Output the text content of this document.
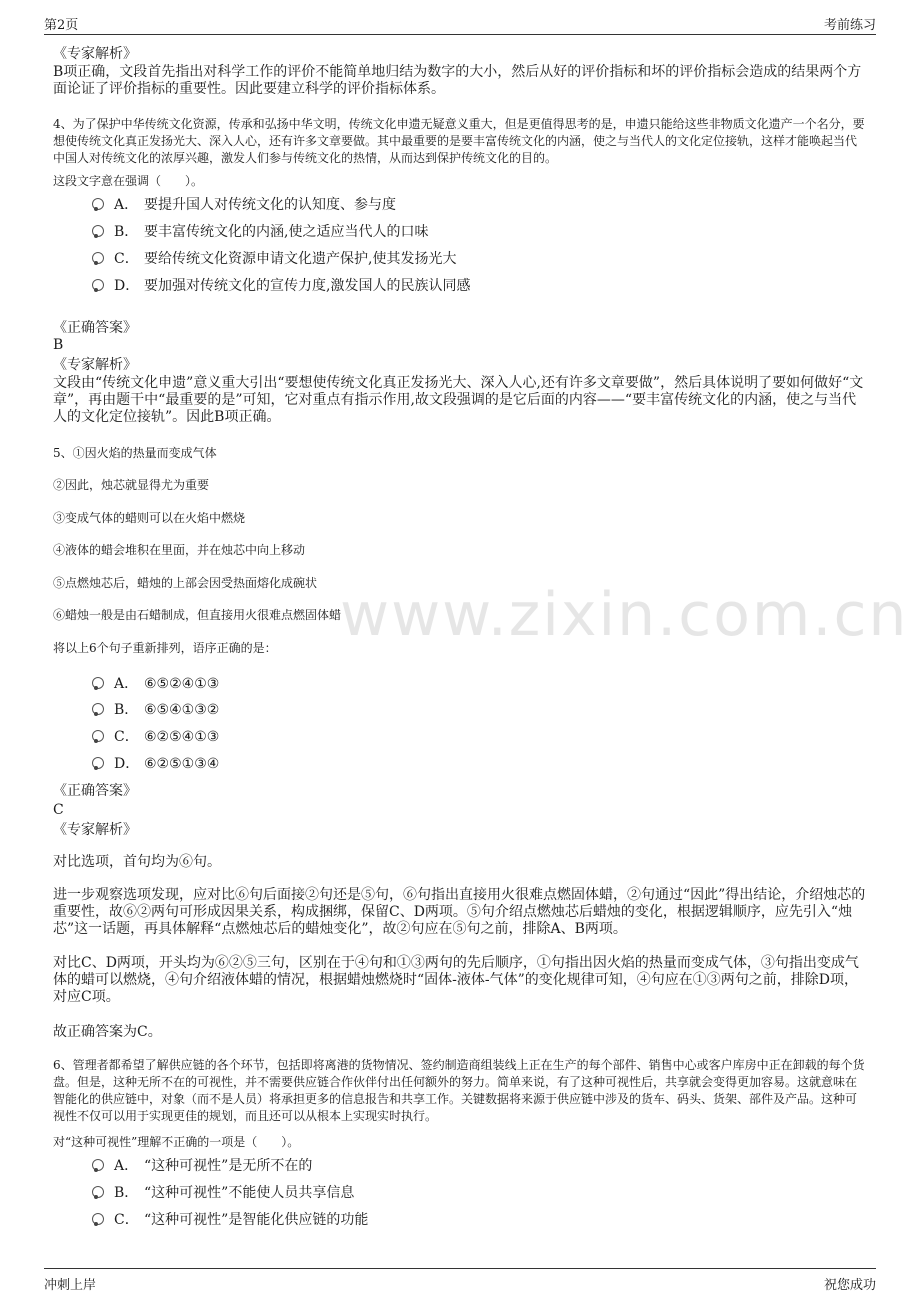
第2页	考前练习
www.zixin.com.cn
《专家解析》
B项正确，文段首先指出对科学工作的评价不能简单地归结为数字的大小，然后从好的评价指标和坏的评价指标会造成的结果两个方面论证了评价指标的重要性。因此要建立科学的评价指标体系。
4、为了保护中华传统文化资源，传承和弘扬中华文明，传统文化申遗无疑意义重大，但是更值得思考的是，申遗只能给这些非物质文化遗产一个名分，要想使传统文化真正发扬光大、深入人心，还有许多文章要做。其中最重要的是要丰富传统文化的内涵，使之与当代人的文化定位接轨，这样才能唤起当代中国人对传统文化的浓厚兴趣，激发人们参与传统文化的热情，从而达到保护传统文化的目的。
这段文字意在强调（　　）。
A． 要提升国人对传统文化的认知度、参与度
B． 要丰富传统文化的内涵,使之适应当代人的口味
C． 要给传统文化资源申请文化遗产保护,使其发扬光大
D． 要加强对传统文化的宣传力度,激发国人的民族认同感
《正确答案》
B
《专家解析》
文段由“传统文化申遗”意义重大引出“要想使传统文化真正发扬光大、深入人心,还有许多文章要做”，然后具体说明了要如何做好“文章”，再由题干中“最重要的是”可知，它对重点有指示作用,故文段强调的是它后面的内容——“要丰富传统文化的内涵，使之与当代人的文化定位接轨”。因此B项正确。
5、①因火焰的热量而变成气体
②因此，烛芯就显得尤为重要
③变成气体的蜡则可以在火焰中燃烧
④液体的蜡会堆积在里面，并在烛芯中向上移动
⑤点燃烛芯后，蜡烛的上部会因受热面熔化成碗状
⑥蜡烛一般是由石蜡制成，但直接用火很难点燃固体蜡
将以上6个句子重新排列，语序正确的是：
A． ⑥⑤②④①③
B． ⑥⑤④①③②
C． ⑥②⑤④①③
D． ⑥②⑤①③④
《正确答案》
C
《专家解析》
对比选项，首句均为⑥句。
进一步观察选项发现，应对比⑥句后面接②句还是⑤句，⑥句指出直接用火很难点燃固体蜡，②句通过“因此”得出结论，介绍烛芯的重要性，故⑥②两句可形成因果关系，构成捆绑，保留C、D两项。⑤句介绍点燃烛芯后蜡烛的变化，根据逻辑顺序，应先引入“烛芯”这一话题，再具体解释“点燃烛芯后的蜡烛变化”，故②句应在⑤句之前，排除A、B两项。
对比C、D两项，开头均为⑥②⑤三句，区别在于④句和①③两句的先后顺序，①句指出因火焰的热量而变成气体，③句指出变成气体的蜡可以燃烧，④句介绍液体蜡的情况，根据蜡烛燃烧时“固体-液体-气体”的变化规律可知，④句应在①③两句之前，排除D项，对应C项。
故正确答案为C。
6、管理者都希望了解供应链的各个环节，包括即将离港的货物情况、签约制造商组装线上正在生产的每个部件、销售中心或客户库房中正在卸载的每个货盘。但是，这种无所不在的可视性，并不需要供应链合作伙伴付出任何额外的努力。简单来说，有了这种可视性后，共享就会变得更加容易。这就意味在智能化的供应链中，对象（而不是人员）将承担更多的信息报告和共享工作。关键数据将来源于供应链中涉及的货车、码头、货架、部件及产品。这种可视性不仅可以用于实现更佳的规划，而且还可以从根本上实现实时执行。
对“这种可视性”理解不正确的一项是（　　）。
A． “这种可视性”是无所不在的
B． “这种可视性”不能使人员共享信息
C． “这种可视性”是智能化供应链的功能
冲刺上岸	祝您成功
